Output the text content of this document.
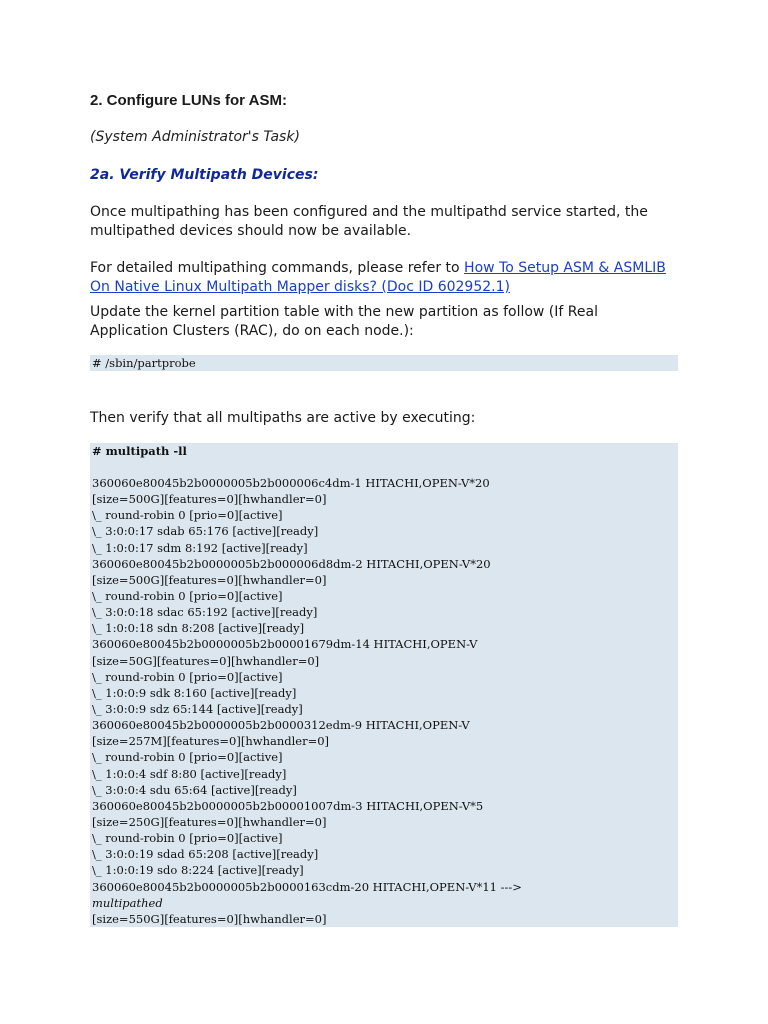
2. Configure LUNs for ASM:

(System Administrator's Task)

2a. Verify Multipath Devices:

Once multipathing has been configured and the multipathd service started, the multipathed devices should now be available.

For detailed multipathing commands, please refer to How To Setup ASM & ASMLIB On Native Linux Multipath Mapper disks? (Doc ID 602952.1)

Update the kernel partition table with the new partition as follow (If Real Application Clusters (RAC), do on each node.):

# /sbin/partprobe

Then verify that all multipaths are active by executing:

# multipath -ll
360060e80045b2b0000005b2b000006c4dm-1 HITACHI,OPEN-V*20
[size=500G][features=0][hwhandler=0]
\_ round-robin 0 [prio=0][active]
\_ 3:0:0:17 sdab 65:176 [active][ready]
\_ 1:0:0:17 sdm 8:192 [active][ready]
360060e80045b2b0000005b2b000006d8dm-2 HITACHI,OPEN-V*20
[size=500G][features=0][hwhandler=0]
\_ round-robin 0 [prio=0][active]
\_ 3:0:0:18 sdac 65:192 [active][ready]
\_ 1:0:0:18 sdn 8:208 [active][ready]
360060e80045b2b0000005b2b00001679dm-14 HITACHI,OPEN-V
[size=50G][features=0][hwhandler=0]
\_ round-robin 0 [prio=0][active]
\_ 1:0:0:9 sdk 8:160 [active][ready]
\_ 3:0:0:9 sdz 65:144 [active][ready]
360060e80045b2b0000005b2b0000312edm-9 HITACHI,OPEN-V
[size=257M][features=0][hwhandler=0]
\_ round-robin 0 [prio=0][active]
\_ 1:0:0:4 sdf 8:80 [active][ready]
\_ 3:0:0:4 sdu 65:64 [active][ready]
360060e80045b2b0000005b2b00001007dm-3 HITACHI,OPEN-V*5
[size=250G][features=0][hwhandler=0]
\_ round-robin 0 [prio=0][active]
\_ 3:0:0:19 sdad 65:208 [active][ready]
\_ 1:0:0:19 sdo 8:224 [active][ready]
360060e80045b2b0000005b2b0000163cdm-20 HITACHI,OPEN-V*11 --->
multipathed
[size=550G][features=0][hwhandler=0]
